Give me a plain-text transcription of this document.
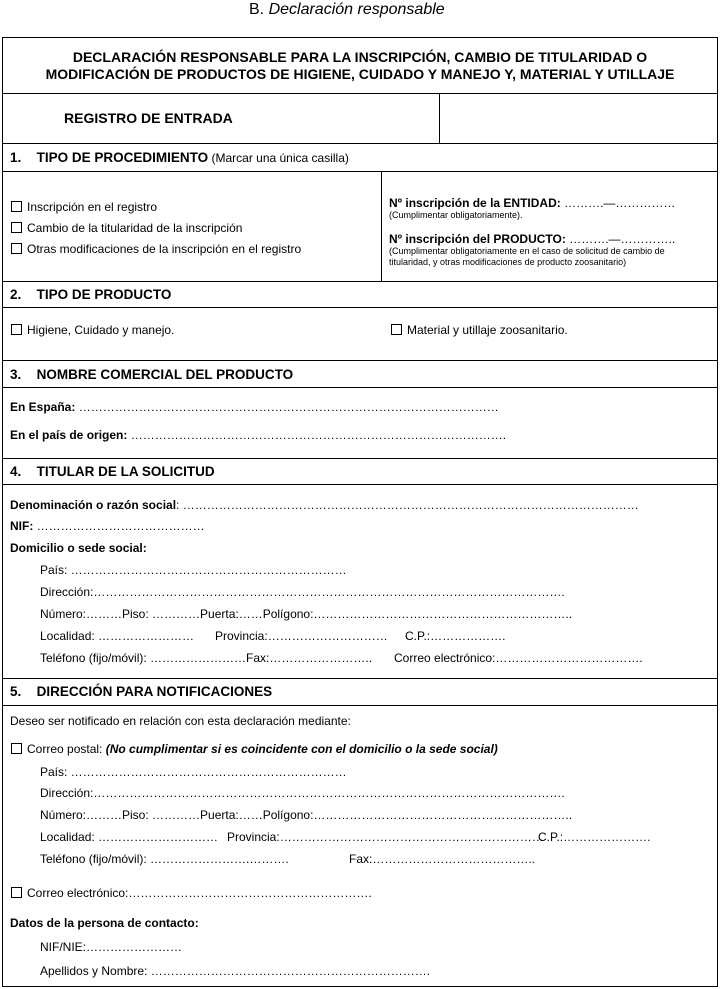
B. Declaración responsable
DECLARACIÓN RESPONSABLE PARA LA INSCRIPCIÓN, CAMBIO DE TITULARIDAD O
MODIFICACIÓN DE PRODUCTOS DE HIGIENE, CUIDADO Y MANEJO Y, MATERIAL Y UTILLAJE
REGISTRO DE ENTRADA
1. TIPO DE PROCEDIMIENTO (Marcar una única casilla)
Inscripción en el registro
Cambio de la titularidad de la inscripción
Otras modificaciones de la inscripción en el registro
Nº inscripción de la ENTIDAD: ……….—……………
(Cumplimentar obligatoriamente).
Nº inscripción del PRODUCTO: ……….—…………..
(Cumplimentar obligatoriamente en el caso de solicitud de cambio de
titularidad, y otras modificaciones de producto zoosanitario)
2. TIPO DE PRODUCTO
Higiene, Cuidado y manejo.	Material y utillaje zoosanitario.
3. NOMBRE COMERCIAL DEL PRODUCTO
En España: ……………………………………………………………………………………………
En el país de origen: ………………………………………………………………………………….
4. TITULAR DE LA SOLICITUD
Denominación o razón social: ……………………………………………………………………………………………………
NIF: ……………………………………
Domicilio o sede social:
País: ……………………………………………………………
Dirección:……………………………………………………………………………………………………….
Número:………Piso: …………Puerta:……Polígono:………………………………………………………..
Localidad: …………………… Provincia:………………………… C.P.:……………….
Teléfono (fijo/móvil): ……………………Fax:…………………….. Correo electrónico:……………………………….
5. DIRECCIÓN PARA NOTIFICACIONES
Deseo ser notificado en relación con esta declaración mediante:
Correo postal: (No cumplimentar si es coincidente con el domicilio o la sede social)
País: ……………………………………………………………
Dirección:……………………………………………………………………………………………………….
Número:………Piso: …………Puerta:……Polígono:………………………………………………………..
Localidad: ………………………… Provincia:…………………………………………………………
C.P.:………………….
Teléfono (fijo/móvil): …………………….……….	Fax:…………………………………..
Correo electrónico:…………………………………………………….
Datos de la persona de contacto:
NIF/NIE:……………………
Apellidos y Nombre: …………………………………………………………….
